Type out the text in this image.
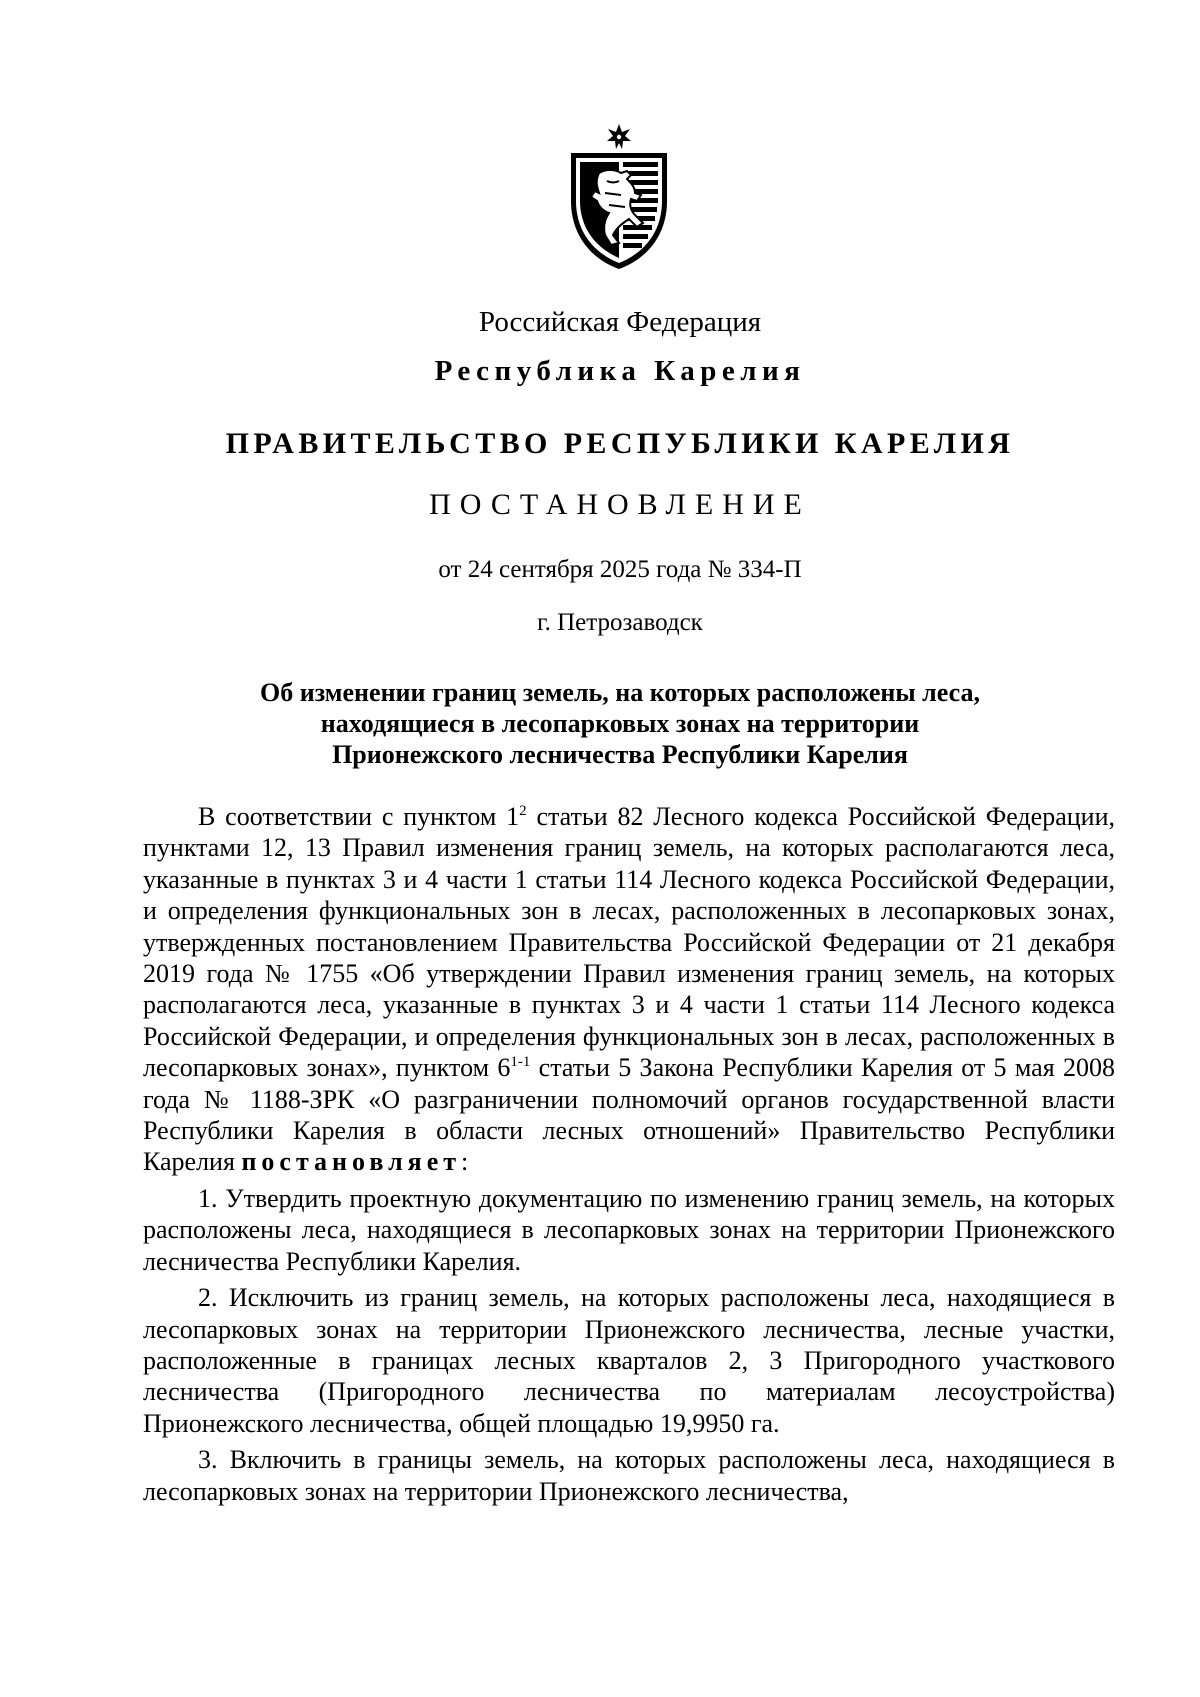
Российская Федерация
Республика Карелия
ПРАВИТЕЛЬСТВО РЕСПУБЛИКИ КАРЕЛИЯ
ПОСТАНОВЛЕНИЕ
от 24 сентября 2025 года № 334-П
г. Петрозаводск
Об изменении границ земель, на которых расположены леса,
находящиеся в лесопарковых зонах на территории
Прионежского лесничества Республики Карелия

В соответствии с пунктом $1^2$ статьи 82 Лесного кодекса Российской Федерации, пунктами 12, 13 Правил изменения границ земель, на которых располагаются леса, указанные в пунктах 3 и 4 части 1 статьи 114 Лесного кодекса Российской Федерации, и определения функциональных зон в лесах, расположенных в лесопарковых зонах, утвержденных постановлением Правительства Российской Федерации от 21 декабря 2019 года № 1755 «Об утверждении Правил изменения границ земель, на которых располагаются леса, указанные в пунктах 3 и 4 части 1 статьи 114 Лесного кодекса Российской Федерации, и определения функциональных зон в лесах, расположенных в лесопарковых зонах», пунктом 6$^{1-1}$ статьи 5 Закона Республики Карелия от 5 мая 2008 года № 1188-ЗРК «О разграничении полномочий органов государственной власти Республики Карелия в области лесных отношений» Правительство Республики Карелия постановляет:

1. Утвердить проектную документацию по изменению границ земель, на которых расположены леса, находящиеся в лесопарковых зонах на территории Прионежского лесничества Республики Карелия.

2. Исключить из границ земель, на которых расположены леса, находящиеся в лесопарковых зонах на территории Прионежского лесничества, лесные участки, расположенные в границах лесных кварталов 2, 3 Пригородного участкового лесничества (Пригородного лесничества по материалам лесоустройства) Прионежского лесничества, общей площадью 19,9950 га.

3. Включить в границы земель, на которых расположены леса, находящиеся в лесопарковых зонах на территории Прионежского лесничества,
